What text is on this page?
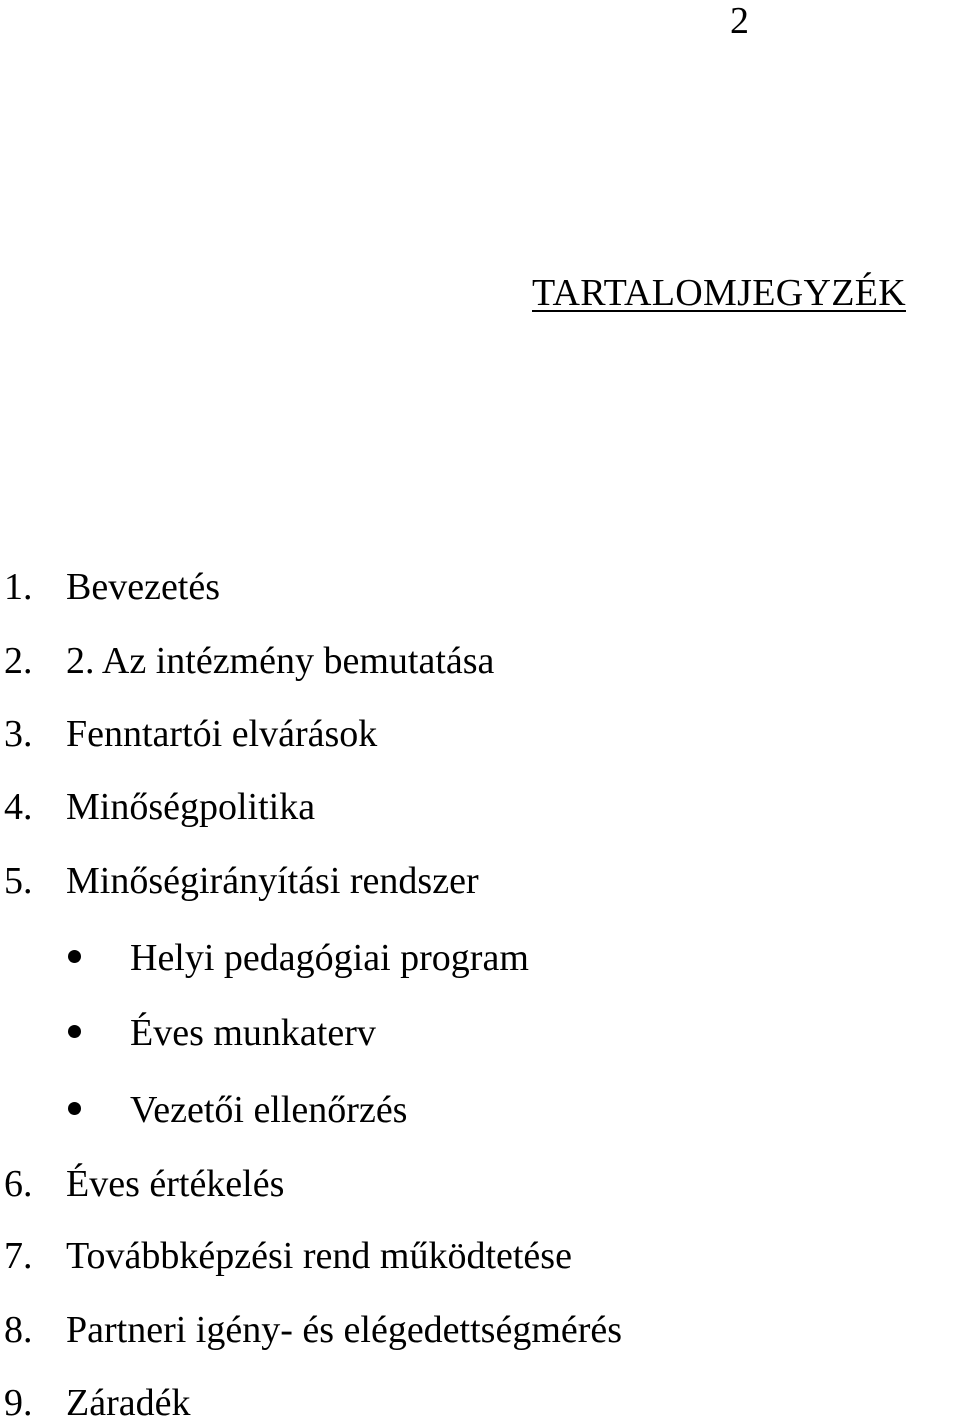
2
TARTALOMJEGYZÉK
1. Bevezetés
2. 2. Az intézmény bemutatása
3. Fenntartói elvárások
4. Minőségpolitika
5. Minőségirányítási rendszer
Helyi pedagógiai program
Éves munkaterv
Vezetői ellenőrzés
6. Éves értékelés
7. Továbbképzési rend működtetése
8. Partneri igény- és elégedettségmérés
9. Záradék
